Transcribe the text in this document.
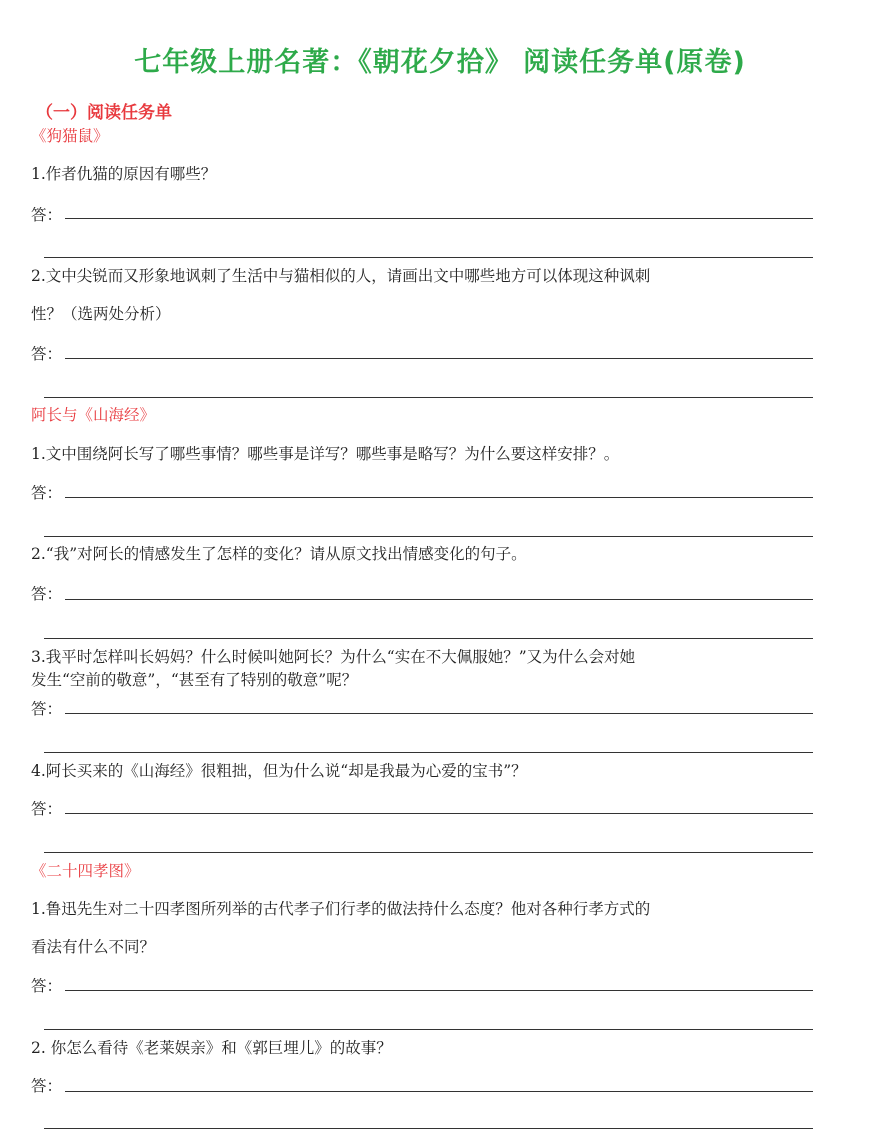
七年级上册名著：《朝花夕拾》 阅读任务单(原卷)
（一）阅读任务单
《狗猫鼠》
1.作者仇猫的原因有哪些？
答：
2.文中尖锐而又形象地讽刺了生活中与猫相似的人，请画出文中哪些地方可以体现这种讽刺
性？（选两处分析）
答：
阿长与《山海经》
1.文中围绕阿长写了哪些事情？哪些事是详写？哪些事是略写？为什么要这样安排？。
答：
2.“我”对阿长的情感发生了怎样的变化？请从原文找出情感变化的句子。
答：
3.我平时怎样叫长妈妈？什么时候叫她阿长？为什么“实在不大佩服她？”又为什么会对她
发生“空前的敬意”，“甚至有了特别的敬意”呢？
答：
4.阿长买来的《山海经》很粗拙，但为什么说“却是我最为心爱的宝书”？
答：
《二十四孝图》
1.鲁迅先生对二十四孝图所列举的古代孝子们行孝的做法持什么态度？他对各种行孝方式的
看法有什么不同？
答：
2. 你怎么看待《老莱娱亲》和《郭巨埋儿》的故事？
答：
